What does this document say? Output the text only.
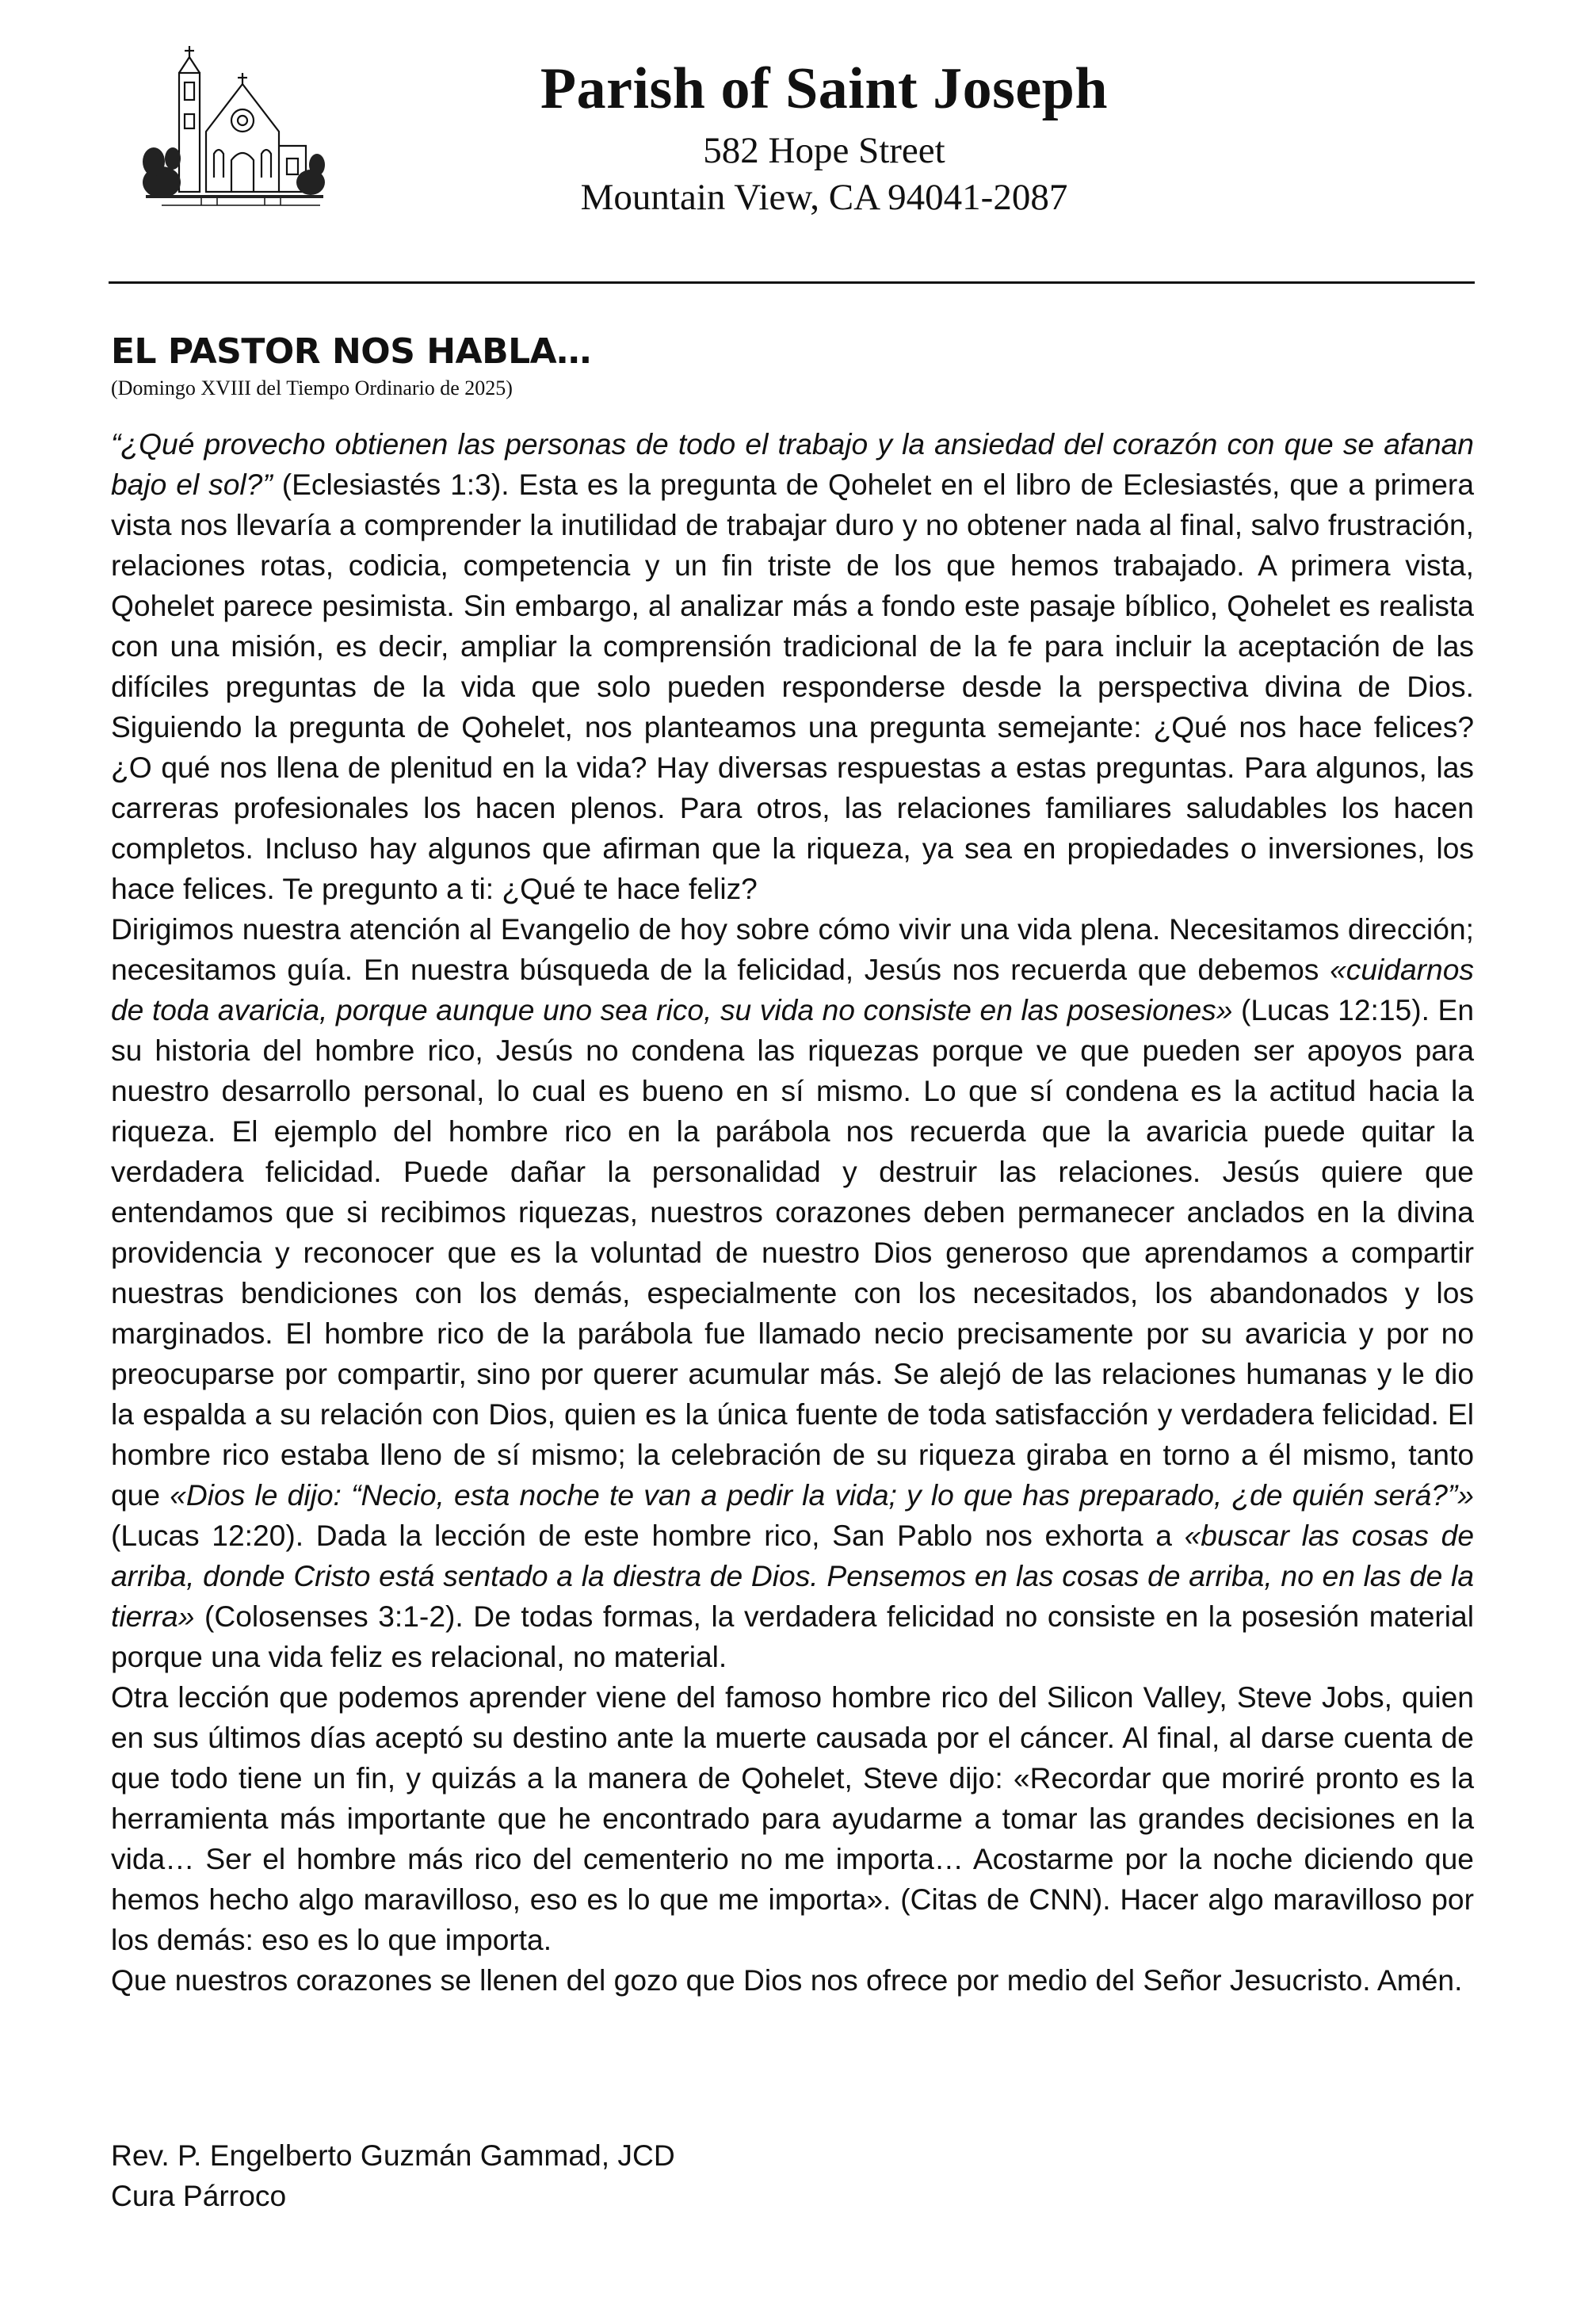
Parish of Saint Joseph
582 Hope Street
Mountain View, CA 94041-2087
EL PASTOR NOS HABLA…
(Domingo XVIII del Tiempo Ordinario de 2025)

“¿Qué provecho obtienen las personas de todo el trabajo y la ansiedad del corazón con que se afanan bajo el sol?” (Eclesiastés 1:3). Esta es la pregunta de Qohelet en el libro de Eclesiastés, que a primera vista nos llevaría a comprender la inutilidad de trabajar duro y no obtener nada al final, salvo frustración, relaciones rotas, codicia, competencia y un fin triste de los que hemos trabajado. A primera vista, Qohelet parece pesimista. Sin embargo, al analizar más a fondo este pasaje bíblico, Qohelet es realista con una misión, es decir, ampliar la comprensión tradicional de la fe para incluir la aceptación de las difíciles preguntas de la vida que solo pueden responderse desde la perspectiva divina de Dios. Siguiendo la pregunta de Qohelet, nos planteamos una pregunta semejante: ¿Qué nos hace felices? ¿O qué nos llena de plenitud en la vida? Hay diversas respuestas a estas preguntas. Para algunos, las carreras profesionales los hacen plenos. Para otros, las relaciones familiares saludables los hacen completos. Incluso hay algunos que afirman que la riqueza, ya sea en propiedades o inversiones, los hace felices. Te pregunto a ti: ¿Qué te hace feliz?

Dirigimos nuestra atención al Evangelio de hoy sobre cómo vivir una vida plena. Necesitamos dirección; necesitamos guía. En nuestra búsqueda de la felicidad, Jesús nos recuerda que debemos «cuidarnos de toda avaricia, porque aunque uno sea rico, su vida no consiste en las posesiones» (Lucas 12:15). En su historia del hombre rico, Jesús no condena las riquezas porque ve que pueden ser apoyos para nuestro desarrollo personal, lo cual es bueno en sí mismo. Lo que sí condena es la actitud hacia la riqueza. El ejemplo del hombre rico en la parábola nos recuerda que la avaricia puede quitar la verdadera felicidad. Puede dañar la personalidad y destruir las relaciones. Jesús quiere que entendamos que si recibimos riquezas, nuestros corazones deben permanecer anclados en la divina providencia y reconocer que es la voluntad de nuestro Dios generoso que aprendamos a compartir nuestras bendiciones con los demás, especialmente con los necesitados, los abandonados y los marginados. El hombre rico de la parábola fue llamado necio precisamente por su avaricia y por no preocuparse por compartir, sino por querer acumular más. Se alejó de las relaciones humanas y le dio la espalda a su relación con Dios, quien es la única fuente de toda satisfacción y verdadera felicidad. El hombre rico estaba lleno de sí mismo; la celebración de su riqueza giraba en torno a él mismo, tanto que «Dios le dijo: “Necio, esta noche te van a pedir la vida; y lo que has preparado, ¿de quién será?”» (Lucas 12:20). Dada la lección de este hombre rico, San Pablo nos exhorta a «buscar las cosas de arriba, donde Cristo está sentado a la diestra de Dios. Pensemos en las cosas de arriba, no en las de la tierra» (Colosenses 3:1-2). De todas formas, la verdadera felicidad no consiste en la posesión material porque una vida feliz es relacional, no material.

Otra lección que podemos aprender viene del famoso hombre rico del Silicon Valley, Steve Jobs, quien en sus últimos días aceptó su destino ante la muerte causada por el cáncer. Al final, al darse cuenta de que todo tiene un fin, y quizás a la manera de Qohelet, Steve dijo: «Recordar que moriré pronto es la herramienta más importante que he encontrado para ayudarme a tomar las grandes decisiones en la vida… Ser el hombre más rico del cementerio no me importa… Acostarme por la noche diciendo que hemos hecho algo maravilloso, eso es lo que me importa». (Citas de CNN). Hacer algo maravilloso por los demás: eso es lo que importa.

Que nuestros corazones se llenen del gozo que Dios nos ofrece por medio del Señor Jesucristo. Amén.

Rev. P. Engelberto Guzmán Gammad, JCD
Cura Párroco
